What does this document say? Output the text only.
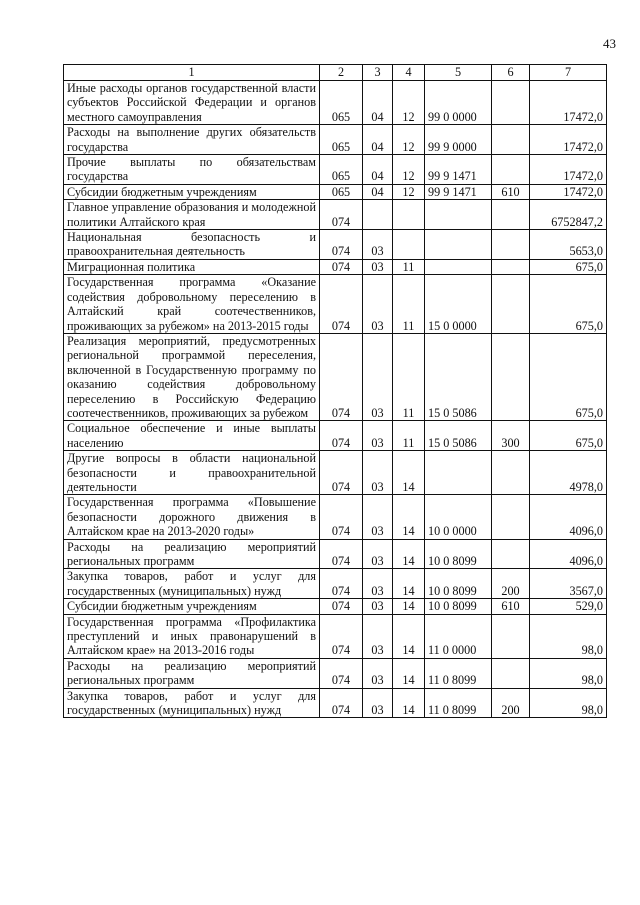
43
1	2	3	4	5	6	7
Иные расходы органов государственной власти субъектов Российской Федерации и органов местного самоуправления	065	04	12	99 0 0000		17472,0
Расходы на выполнение других обязательств государства	065	04	12	99 9 0000		17472,0
Прочие выплаты по обязательствам государства	065	04	12	99 9 1471		17472,0
Субсидии бюджетным учреждениям	065	04	12	99 9 1471	610	17472,0
Главное управление образования и молодежной политики Алтайского края	074					6752847,2
Национальная безопасность и правоохранительная деятельность	074	03				5653,0
Миграционная политика	074	03	11			675,0
Государственная программа «Оказание содействия добровольному переселению в Алтайский край соотечественников, проживающих за рубежом» на 2013-2015 годы	074	03	11	15 0 0000		675,0
Реализация мероприятий, предусмотренных региональной программой переселения, включенной в Государственную программу по оказанию содействия добровольному переселению в Российскую Федерацию соотечественников, проживающих за рубежом	074	03	11	15 0 5086		675,0
Социальное обеспечение и иные выплаты населению	074	03	11	15 0 5086	300	675,0
Другие вопросы в области национальной безопасности и правоохранительной деятельности	074	03	14			4978,0
Государственная программа «Повышение безопасности дорожного движения в Алтайском крае на 2013-2020 годы»	074	03	14	10 0 0000		4096,0
Расходы на реализацию мероприятий региональных программ	074	03	14	10 0 8099		4096,0
Закупка товаров, работ и услуг для государственных (муниципальных) нужд	074	03	14	10 0 8099	200	3567,0
Субсидии бюджетным учреждениям	074	03	14	10 0 8099	610	529,0
Государственная программа «Профилактика преступлений и иных правонарушений в Алтайском крае» на 2013-2016 годы	074	03	14	11 0 0000		98,0
Расходы на реализацию мероприятий региональных программ	074	03	14	11 0 8099		98,0
Закупка товаров, работ и услуг для государственных (муниципальных) нужд	074	03	14	11 0 8099	200	98,0
